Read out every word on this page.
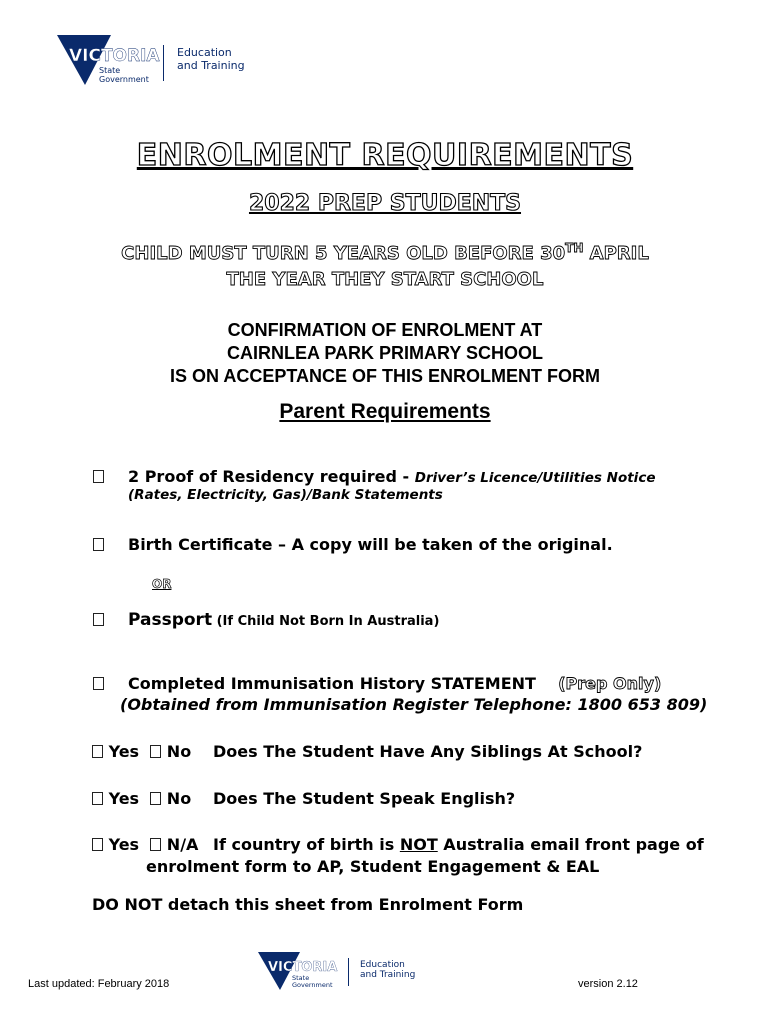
VICTORIA
State
Government
Education
and Training
ENROLMENT REQUIREMENTS
2022 PREP STUDENTS
CHILD MUST TURN 5 YEARS OLD BEFORE 30TH APRIL
THE YEAR THEY START SCHOOL
CONFIRMATION OF ENROLMENT AT
CAIRNLEA PARK PRIMARY SCHOOL
IS ON ACCEPTANCE OF THIS ENROLMENT FORM
Parent Requirements
2 Proof of Residency required - Driver’s Licence/Utilities Notice
(Rates, Electricity, Gas)/Bank Statements
Birth Certificate – A copy will be taken of the original.
OR
Passport (If Child Not Born In Australia)
Completed Immunisation History STATEMENT (Prep Only)
(Obtained from Immunisation Register Telephone: 1800 653 809)
Yes No Does The Student Have Any Siblings At School?
Yes No Does The Student Speak English?
Yes N/A If country of birth is NOT Australia email front page of
enrolment form to AP, Student Engagement & EAL
DO NOT detach this sheet from Enrolment Form
VICTORIA
State
Government
Education
and Training
Last updated: February 2018	version 2.12
